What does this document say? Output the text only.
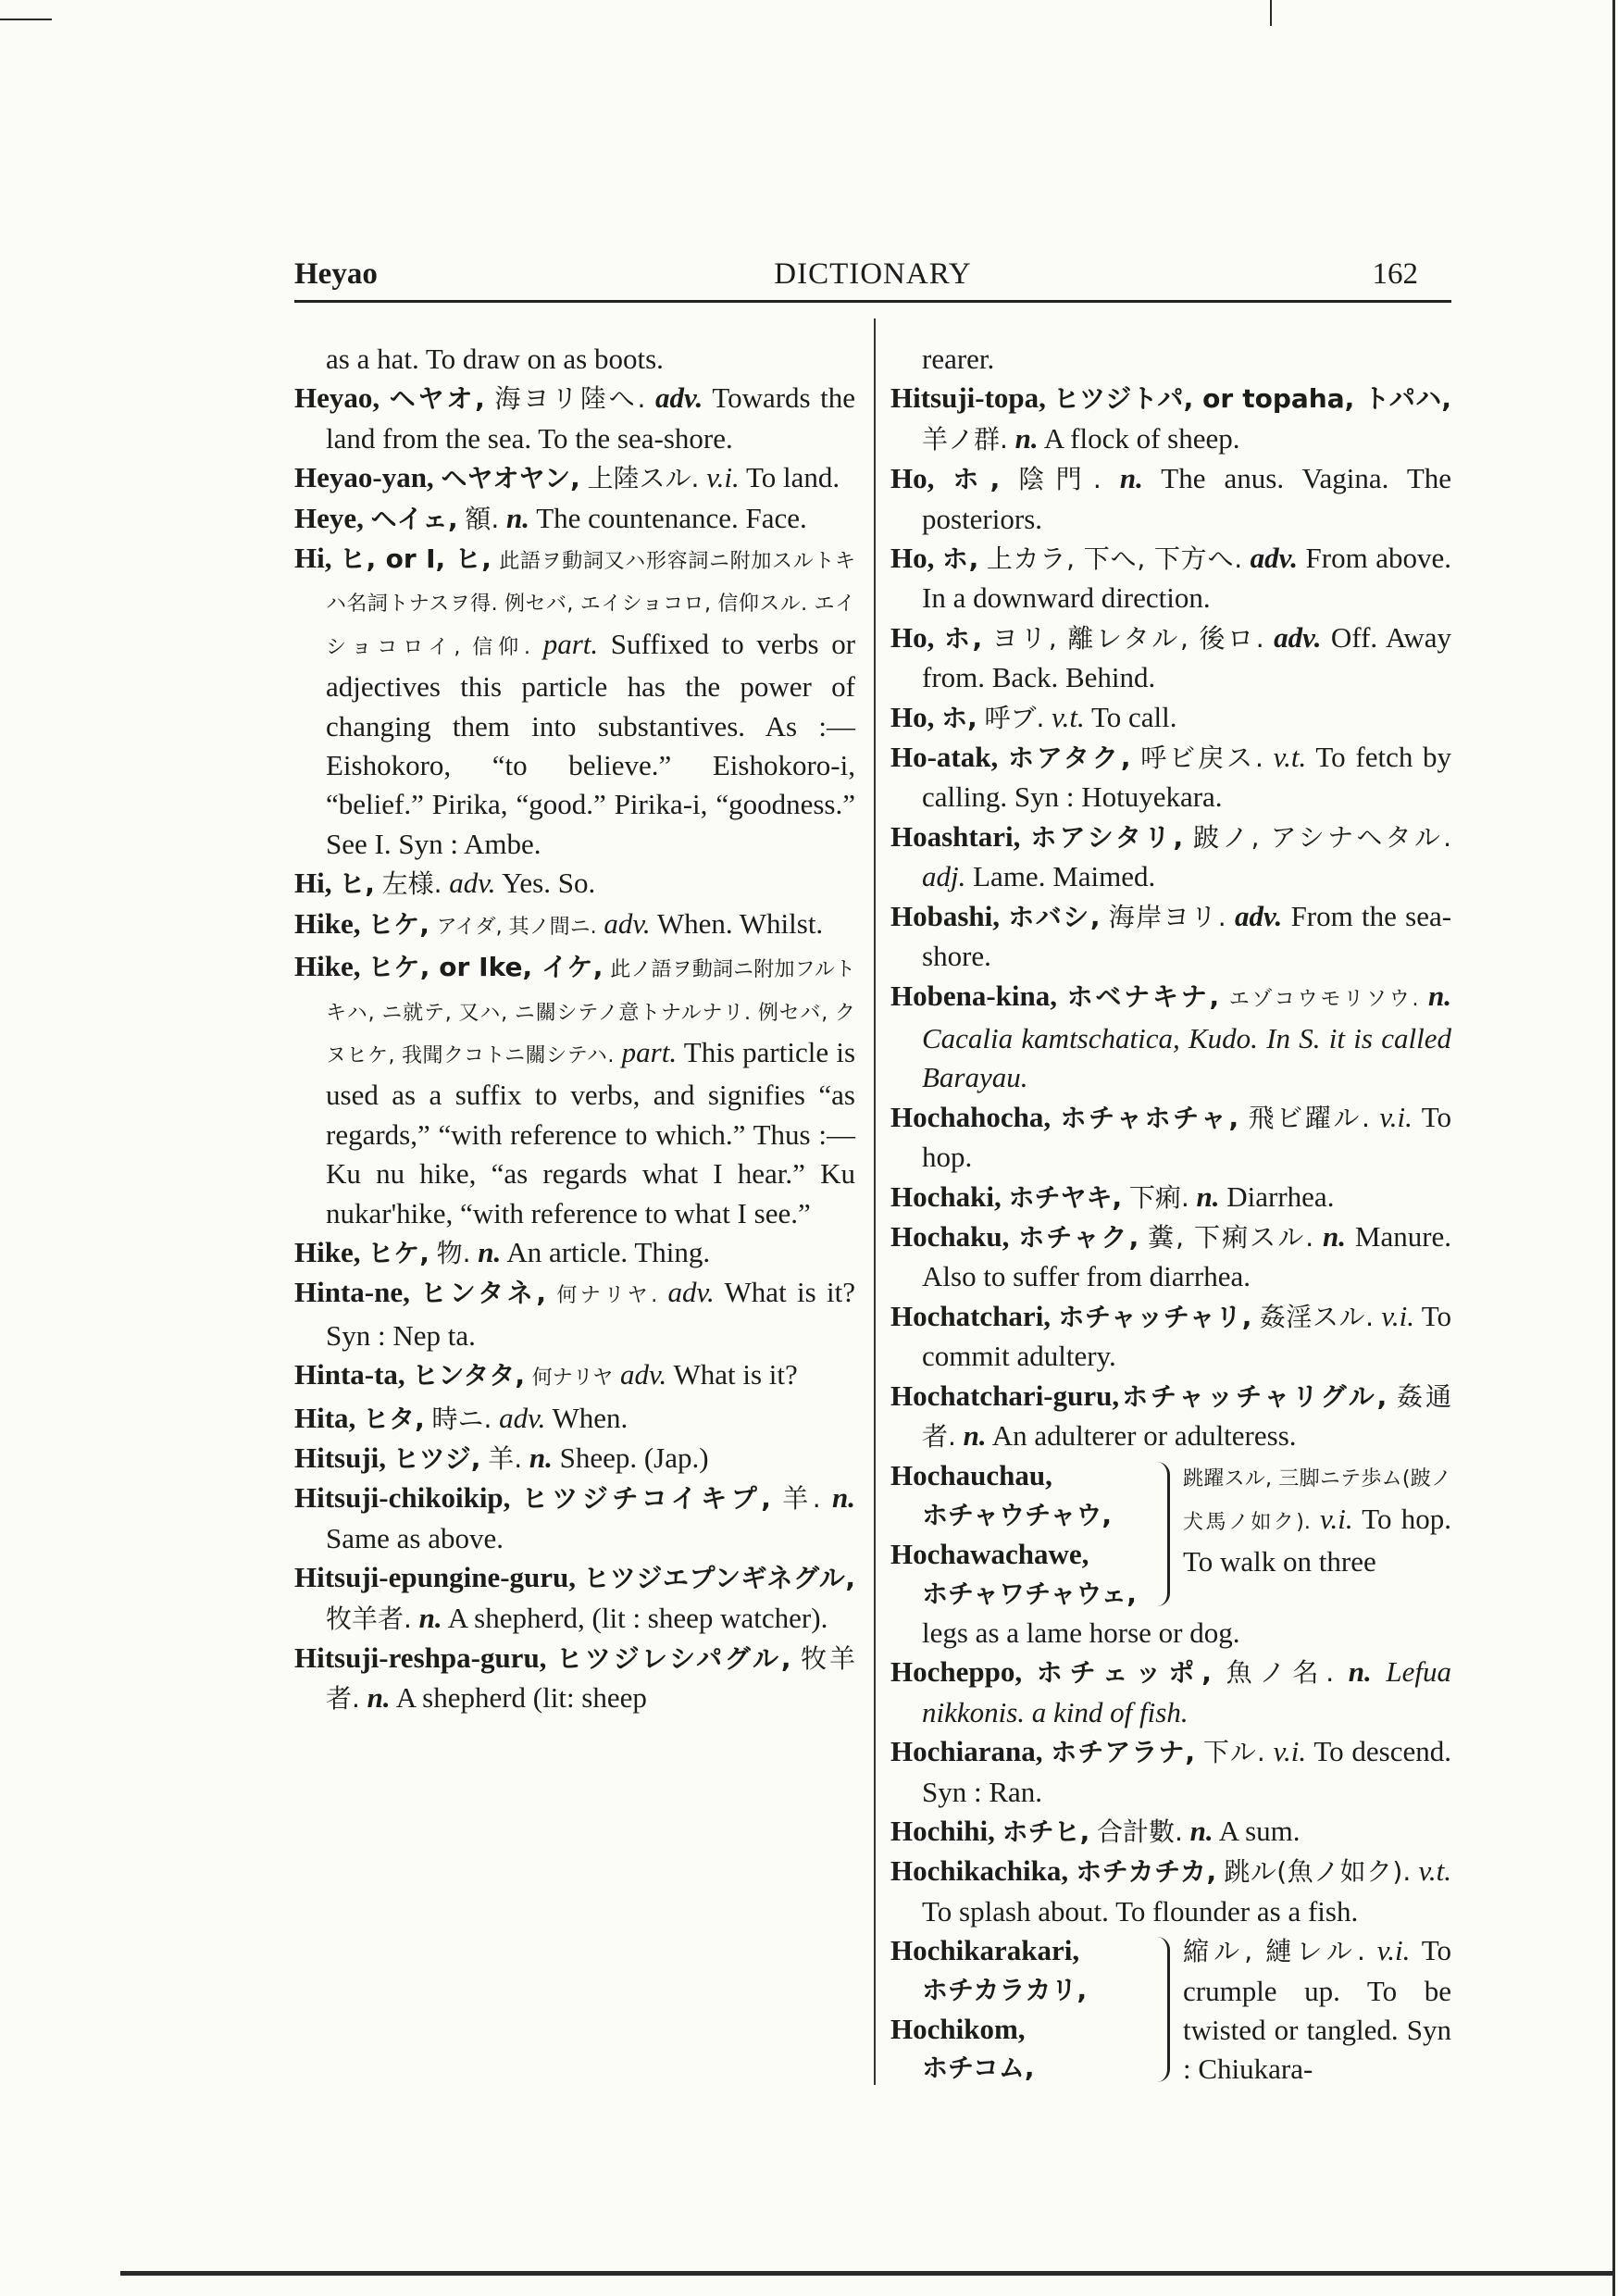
Heyao	DICTIONARY	162

as a hat. To draw on as boots.

Heyao, ヘヤオ, 海ヨリ陸へ. adv. Towards the land from the sea. To the sea-shore.

Heyao-yan, ヘヤオヤン, 上陸スル. v.i. To land.

Heye, ヘイェ, 額. n. The countenance. Face.

Hi, ヒ, or I, ヒ, 此語ヲ動詞又ハ形容詞ニ附加スルトキハ名詞トナスヲ得. 例セバ, エイショコロ, 信仰スル. エイショコロイ, 信仰. part. Suffixed to verbs or adjectives this particle has the power of changing them into substantives. As :—Eishokoro, “to believe.” Eishokoro-i, “belief.” Pirika, “good.” Pirika-i, “goodness.” See I. Syn : Ambe.

Hi, ヒ, 左様. adv. Yes. So.

Hike, ヒケ, アイダ, 其ノ間ニ. adv. When. Whilst.

Hike, ヒケ, or Ike, イケ, 此ノ語ヲ動詞ニ附加フルトキハ, ニ就テ, 又ハ, ニ關シテノ意トナルナリ. 例セバ, クヌヒケ, 我聞クコトニ關シテハ. part. This particle is used as a suffix to verbs, and signifies “as regards,” “with reference to which.” Thus :—Ku nu hike, “as regards what I hear.” Ku nukar'hike, “with reference to what I see.”

Hike, ヒケ, 物. n. An article. Thing.

Hinta-ne, ヒンタネ, 何ナリヤ. adv. What is it? Syn : Nep ta.

Hinta-ta, ヒンタタ, 何ナリヤ adv. What is it?

Hita, ヒタ, 時ニ. adv. When.

Hitsuji, ヒツジ, 羊. n. Sheep. (Jap.)

Hitsuji-chikoikip, ヒツジチコイキプ, 羊. n. Same as above.

Hitsuji-epungine-guru, ヒツジエプンギネグル, 牧羊者. n. A shepherd, (lit : sheep watcher).

Hitsuji-reshpa-guru, ヒツジレシパグル, 牧羊者. n. A shepherd (lit: sheep

rearer.

Hitsuji-topa, ヒツジトパ, or topaha, トパハ, 羊ノ群. n. A flock of sheep.

Ho, ホ, 陰門. n. The anus. Vagina. The posteriors.

Ho, ホ, 上カラ, 下へ, 下方へ. adv. From above. In a downward direction.

Ho, ホ, ヨリ, 離レタル, 後ロ. adv. Off. Away from. Back. Behind.

Ho, ホ, 呼ブ. v.t. To call.

Ho-atak, ホアタク, 呼ビ戻ス. v.t. To fetch by calling. Syn : Hotuyekara.

Hoashtari, ホアシタリ, 跛ノ, アシナヘタル. adj. Lame. Maimed.

Hobashi, ホバシ, 海岸ヨリ. adv. From the sea-shore.

Hobena-kina, ホベナキナ, エゾコウモリソウ. n. Cacalia kamtschatica, Kudo. In S. it is called Barayau.

Hochahocha, ホチャホチャ, 飛ビ躍ル. v.i. To hop.

Hochaki, ホチヤキ, 下痢. n. Diarrhea.

Hochaku, ホチャク, 糞, 下痢スル. n. Manure. Also to suffer from diarrhea.

Hochatchari, ホチャッチャリ, 姦淫スル. v.i. To commit adultery.

Hochatchari-guru,ホチャッチャリグル, 姦通者. n. An adulterer or adulteress.

Hochauchau,
ホチャウチャウ,
Hochawachawe,
ホチャワチャウェ,
跳躍スル, 三脚ニテ歩ム(跛ノ犬馬ノ如ク). v.i. To hop. To walk on three

legs as a lame horse or dog.

Hocheppo, ホチェッポ, 魚ノ名. n. Lefua nikkonis. a kind of fish.

Hochiarana, ホチアラナ, 下ル. v.i. To descend. Syn : Ran.

Hochihi, ホチヒ, 合計數. n. A sum.

Hochikachika, ホチカチカ, 跳ル(魚ノ如ク). v.t. To splash about. To flounder as a fish.

Hochikarakari,
ホチカラカリ,
Hochikom,
ホチコム,
縮ル, 縺レル. v.i. To crumple up. To be twisted or tangled. Syn : Chiukara-
